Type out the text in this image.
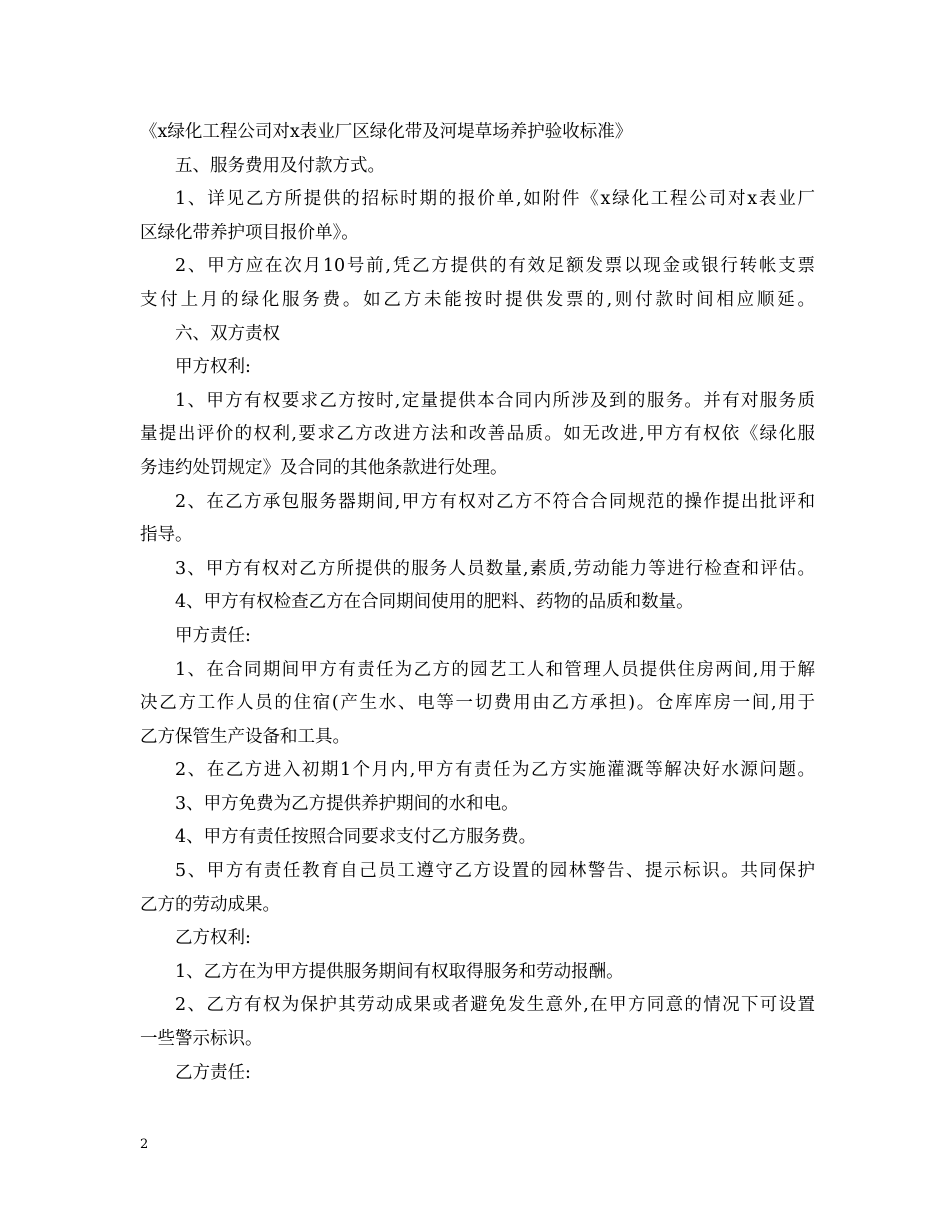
《x绿化工程公司对x表业厂区绿化带及河堤草场养护验收标准》

五、服务费用及付款方式。

1、详见乙方所提供的招标时期的报价单,如附件《x绿化工程公司对x表业厂

区绿化带养护项目报价单》。

2、甲方应在次月10号前,凭乙方提供的有效足额发票以现金或银行转帐支票

支付上月的绿化服务费。如乙方未能按时提供发票的,则付款时间相应顺延。

六、双方责权

甲方权利:

1、甲方有权要求乙方按时,定量提供本合同内所涉及到的服务。并有对服务质

量提出评价的权利,要求乙方改进方法和改善品质。如无改进,甲方有权依《绿化服

务违约处罚规定》及合同的其他条款进行处理。

2、在乙方承包服务器期间,甲方有权对乙方不符合合同规范的操作提出批评和

指导。

3、甲方有权对乙方所提供的服务人员数量,素质,劳动能力等进行检查和评估。

4、甲方有权检查乙方在合同期间使用的肥料、药物的品质和数量。

甲方责任:

1、在合同期间甲方有责任为乙方的园艺工人和管理人员提供住房两间,用于解

决乙方工作人员的住宿(产生水、电等一切费用由乙方承担)。仓库库房一间,用于

乙方保管生产设备和工具。

2、在乙方进入初期1个月内,甲方有责任为乙方实施灌溉等解决好水源问题。

3、甲方免费为乙方提供养护期间的水和电。

4、甲方有责任按照合同要求支付乙方服务费。

5、甲方有责任教育自己员工遵守乙方设置的园林警告、提示标识。共同保护

乙方的劳动成果。

乙方权利:

1、乙方在为甲方提供服务期间有权取得服务和劳动报酬。

2、乙方有权为保护其劳动成果或者避免发生意外,在甲方同意的情况下可设置

一些警示标识。

乙方责任:

2
